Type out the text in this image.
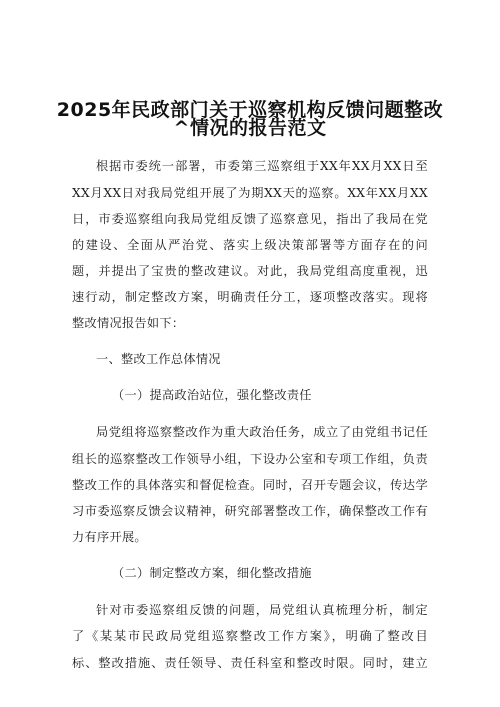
2025年民政部门关于巡察机构反馈问题整改
^情况的报告范文
根据市委统一部署，市委第三巡察组于XX年XX月XX日至
XX月XX日对我局党组开展了为期XX天的巡察。XX年XX月XX
日，市委巡察组向我局党组反馈了巡察意见，指出了我局在党
的建设、全面从严治党、落实上级决策部署等方面存在的问
题，并提出了宝贵的整改建议。对此，我局党组高度重视，迅
速行动，制定整改方案，明确责任分工，逐项整改落实。现将
整改情况报告如下：
一、整改工作总体情况
（一）提高政治站位，强化整改责任
局党组将巡察整改作为重大政治任务，成立了由党组书记任
组长的巡察整改工作领导小组，下设办公室和专项工作组，负责
整改工作的具体落实和督促检查。同时，召开专题会议，传达学
习市委巡察反馈会议精神，研究部署整改工作，确保整改工作有
力有序开展。
（二）制定整改方案，细化整改措施
针对市委巡察组反馈的问题，局党组认真梳理分析，制定
了《某某市民政局党组巡察整改工作方案》，明确了整改目
标、整改措施、责任领导、责任科室和整改时限。同时，建立
